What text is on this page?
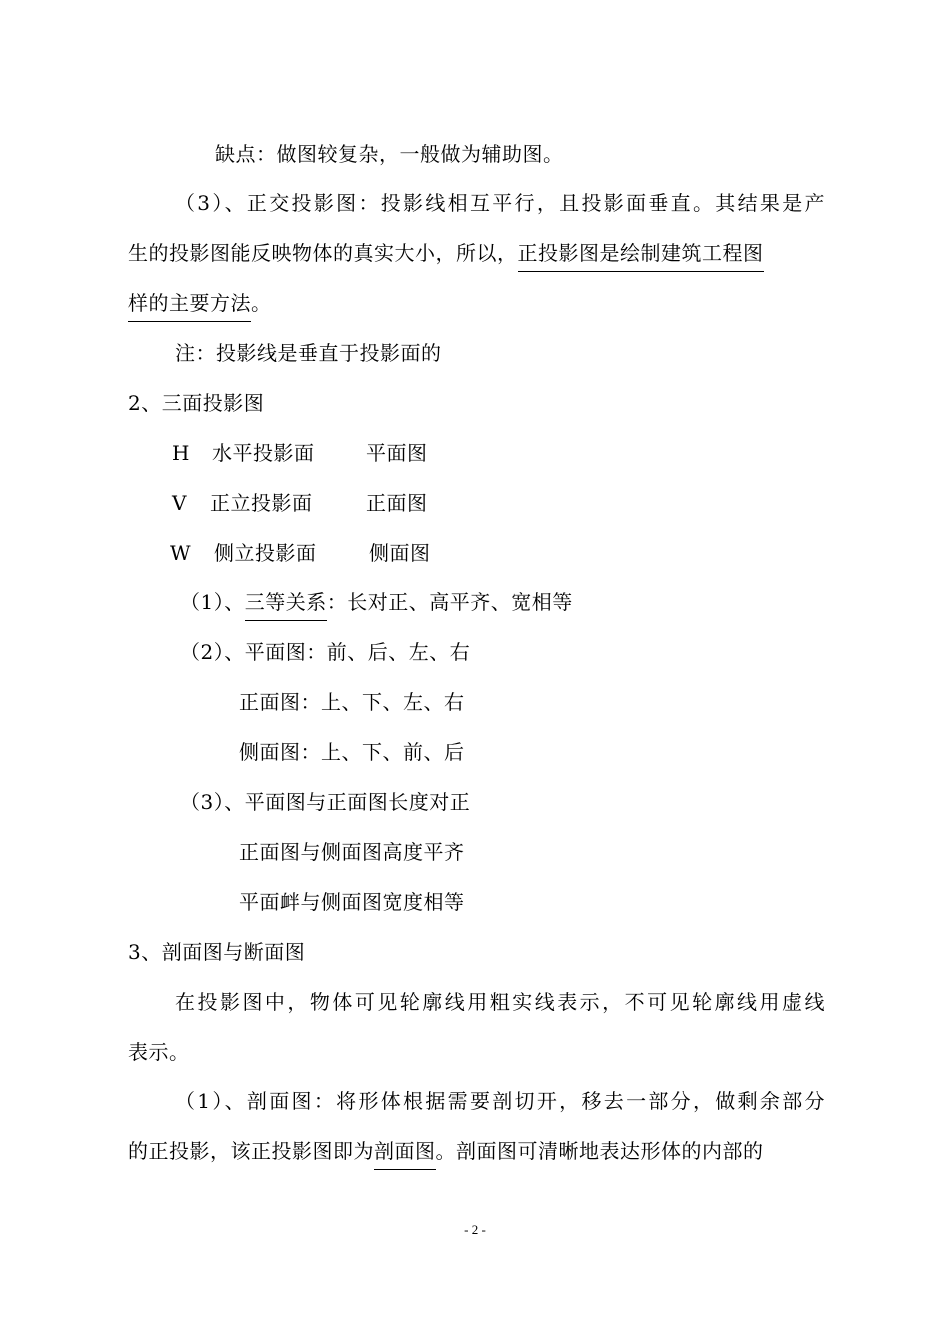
缺点：做图较复杂，一般做为辅助图。
（3）、正交投影图：投影线相互平行，且投影面垂直。其结果是产
生的投影图能反映物体的真实大小，所以，正投影图是绘制建筑工程图
样的主要方法。
注：投影线是垂直于投影面的
2、三面投影图
H 水平投影面	平面图
V 正立投影面	正面图
W 侧立投影面	侧面图
（1）、三等关系：长对正、高平齐、宽相等
（2）、平面图：前、后、左、右
正面图：上、下、左、右
侧面图：上、下、前、后
（3）、平面图与正面图长度对正
正面图与侧面图高度平齐
平面衅与侧面图宽度相等
3、剖面图与断面图
在投影图中，物体可见轮廓线用粗实线表示，不可见轮廓线用虚线
表示。
（1）、剖面图：将形体根据需要剖切开，移去一部分，做剩余部分
的正投影，该正投影图即为剖面图。剖面图可清晰地表达形体的内部的
- 2 -
